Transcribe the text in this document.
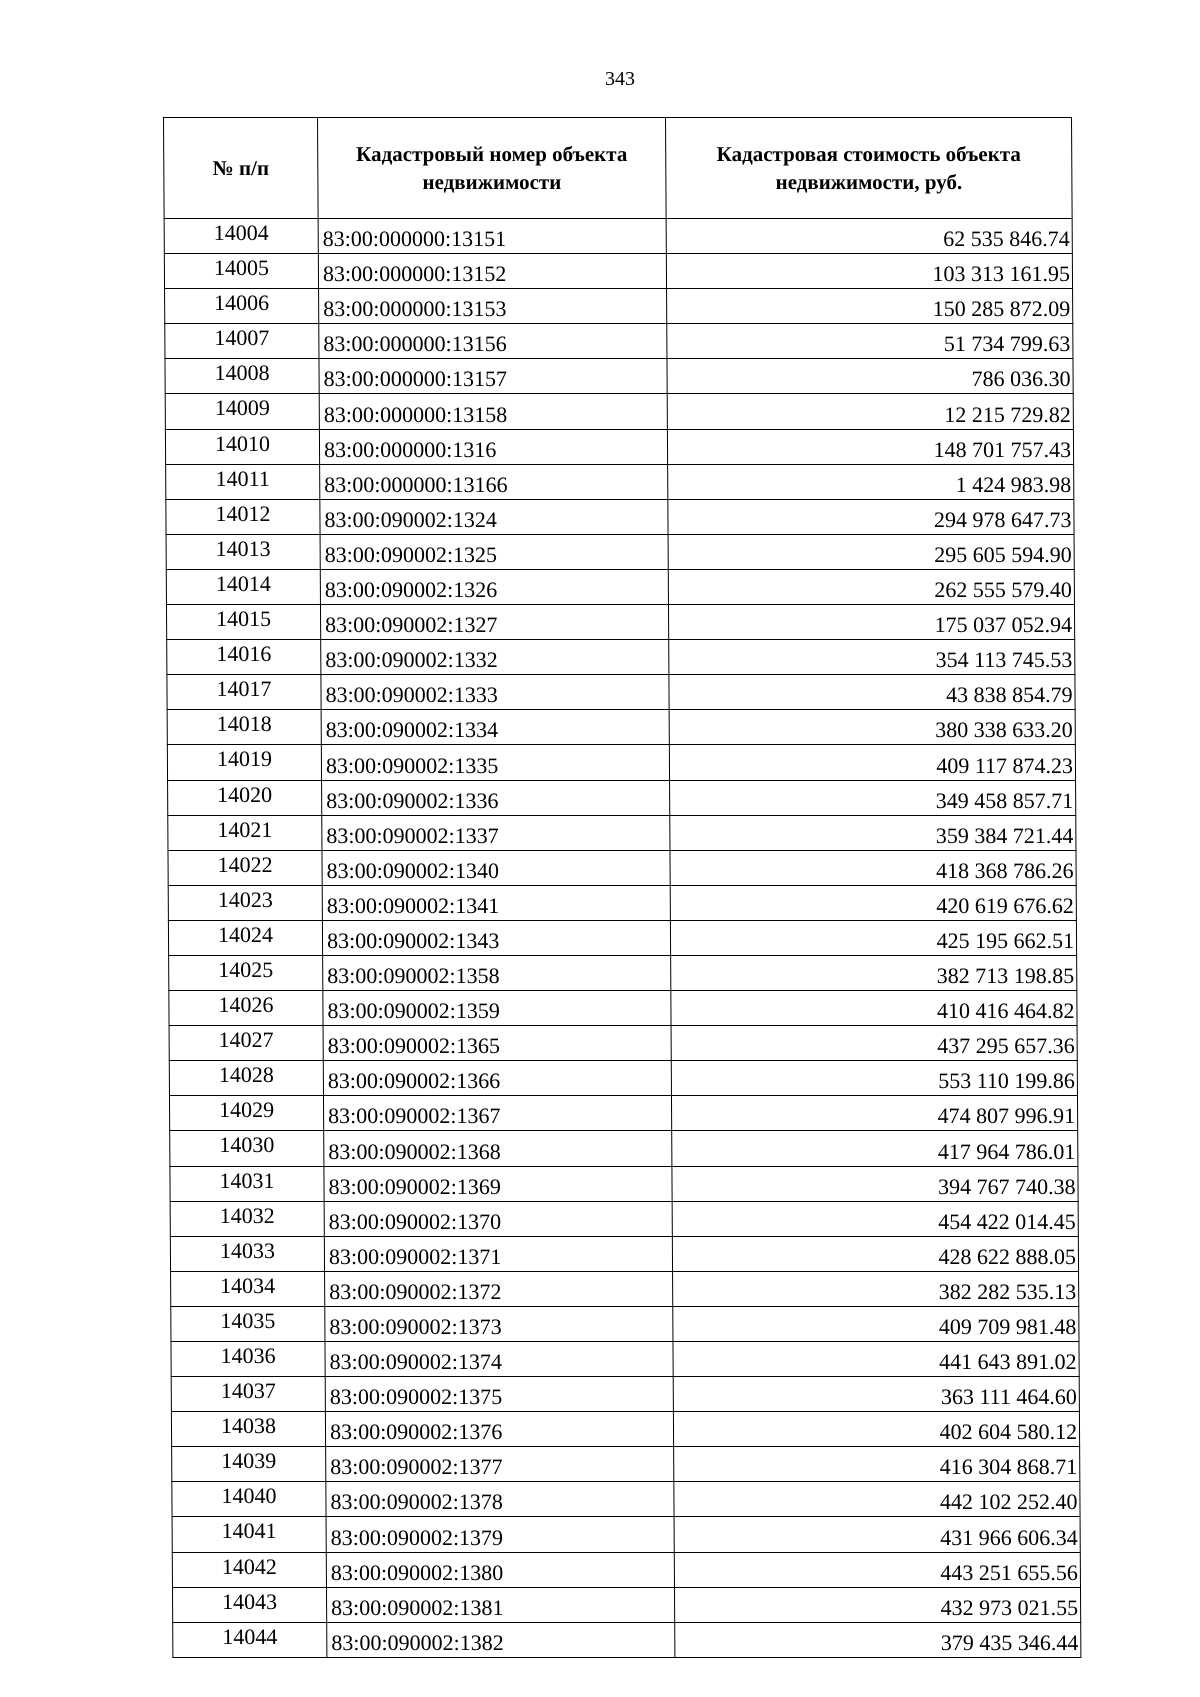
343
№ п/п	Кадастровый номер объекта недвижимости	Кадастровая стоимость объекта недвижимости, руб.
14004	83:00:000000:13151	62 535 846.74
14005	83:00:000000:13152	103 313 161.95
14006	83:00:000000:13153	150 285 872.09
14007	83:00:000000:13156	51 734 799.63
14008	83:00:000000:13157	786 036.30
14009	83:00:000000:13158	12 215 729.82
14010	83:00:000000:1316	148 701 757.43
14011	83:00:000000:13166	1 424 983.98
14012	83:00:090002:1324	294 978 647.73
14013	83:00:090002:1325	295 605 594.90
14014	83:00:090002:1326	262 555 579.40
14015	83:00:090002:1327	175 037 052.94
14016	83:00:090002:1332	354 113 745.53
14017	83:00:090002:1333	43 838 854.79
14018	83:00:090002:1334	380 338 633.20
14019	83:00:090002:1335	409 117 874.23
14020	83:00:090002:1336	349 458 857.71
14021	83:00:090002:1337	359 384 721.44
14022	83:00:090002:1340	418 368 786.26
14023	83:00:090002:1341	420 619 676.62
14024	83:00:090002:1343	425 195 662.51
14025	83:00:090002:1358	382 713 198.85
14026	83:00:090002:1359	410 416 464.82
14027	83:00:090002:1365	437 295 657.36
14028	83:00:090002:1366	553 110 199.86
14029	83:00:090002:1367	474 807 996.91
14030	83:00:090002:1368	417 964 786.01
14031	83:00:090002:1369	394 767 740.38
14032	83:00:090002:1370	454 422 014.45
14033	83:00:090002:1371	428 622 888.05
14034	83:00:090002:1372	382 282 535.13
14035	83:00:090002:1373	409 709 981.48
14036	83:00:090002:1374	441 643 891.02
14037	83:00:090002:1375	363 111 464.60
14038	83:00:090002:1376	402 604 580.12
14039	83:00:090002:1377	416 304 868.71
14040	83:00:090002:1378	442 102 252.40
14041	83:00:090002:1379	431 966 606.34
14042	83:00:090002:1380	443 251 655.56
14043	83:00:090002:1381	432 973 021.55
14044	83:00:090002:1382	379 435 346.44
